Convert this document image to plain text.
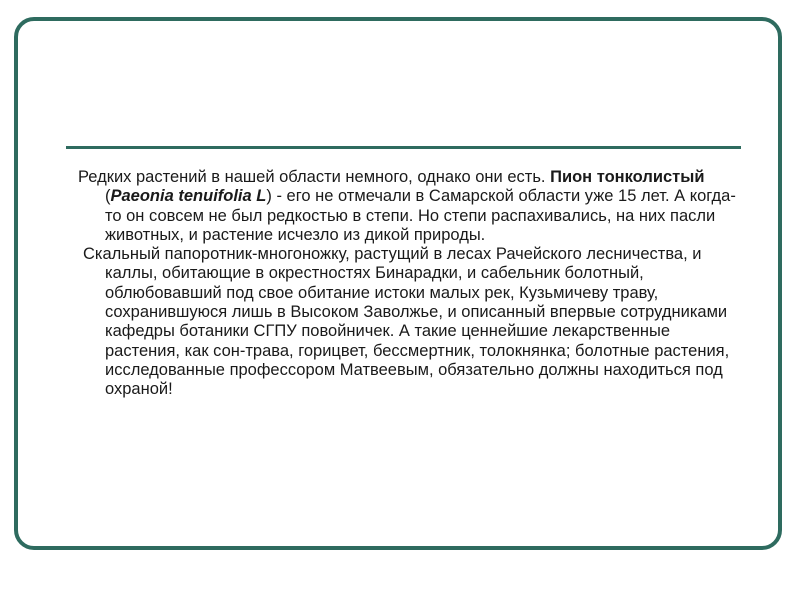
Редких растений в нашей области немного, однако они есть. Пион тонколистый (Paeonia tenuifolia L) - его не отмечали в Самарской области уже 15 лет. А когда-то он совсем не был редкостью в степи. Но степи распахивались, на них пасли животных, и растение исчезло из дикой природы.

Скальный папоротник-многоножку, растущий в лесах Рачейского лесничества, и каллы, обитающие в окрестностях Бинарадки, и сабельник болотный, облюбовавший под свое обитание истоки малых рек, Кузьмичеву траву, сохранившуюся лишь в Высоком Заволжье, и описанный впервые сотрудниками кафедры ботаники СГПУ повойничек. А такие ценнейшие лекарственные растения, как сон-трава, горицвет, бессмертник, толокнянка; болотные растения, исследованные профессором Матвеевым, обязательно должны находиться под охраной!
